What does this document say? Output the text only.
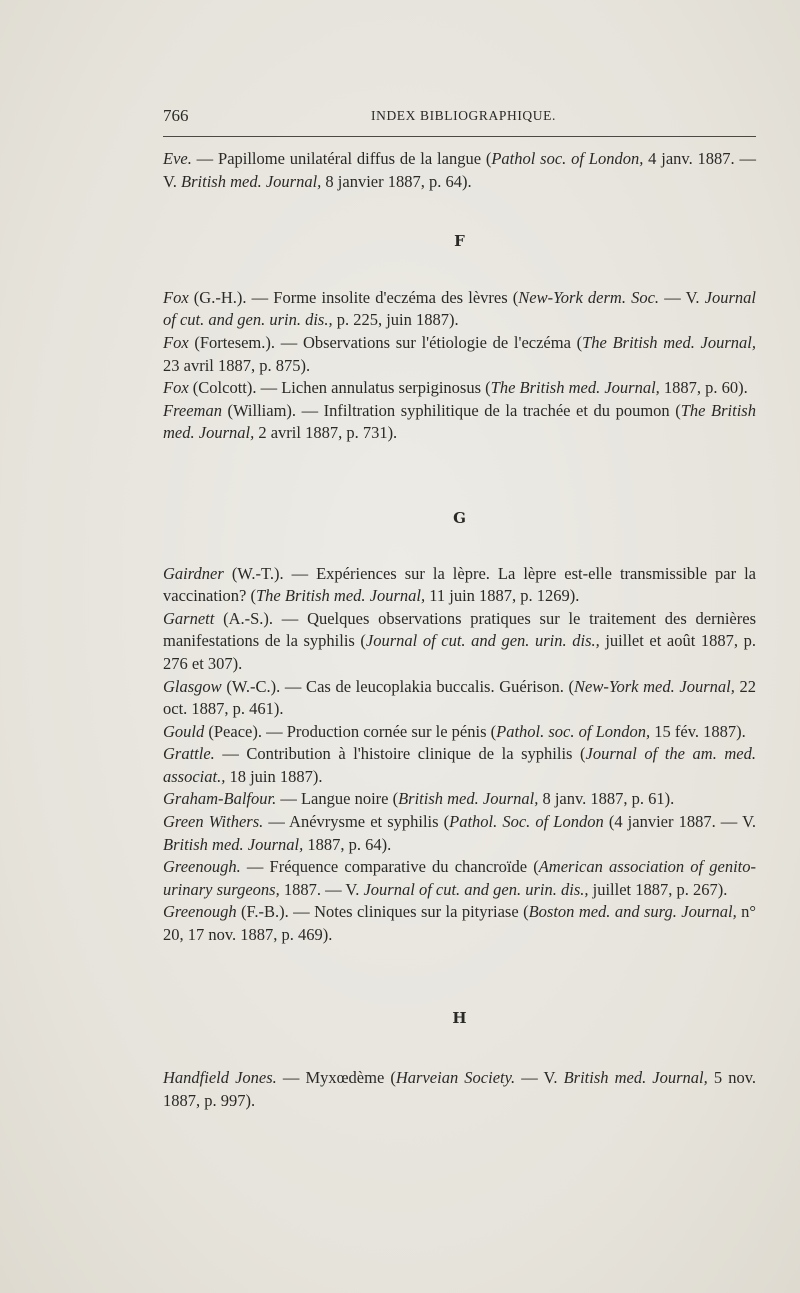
766	INDEX BIBLIOGRAPHIQUE.

Eve. — Papillome unilatéral diffus de la langue (Pathol soc. of London, 4 janv. 1887. — V. British med. Journal, 8 janvier 1887, p. 64).

F

Fox (G.-H.). — Forme insolite d'eczéma des lèvres (New-York derm. Soc. — V. Journal of cut. and gen. urin. dis., p. 225, juin 1887).

Fox (Fortesem.). — Observations sur l'étiologie de l'eczéma (The British med. Journal, 23 avril 1887, p. 875).

Fox (Colcott). — Lichen annulatus serpiginosus (The British med. Journal, 1887, p. 60).

Freeman (William). — Infiltration syphilitique de la trachée et du poumon (The British med. Journal, 2 avril 1887, p. 731).

G

Gairdner (W.-T.). — Expériences sur la lèpre. La lèpre est-elle transmissible par la vaccination? (The British med. Journal, 11 juin 1887, p. 1269).

Garnett (A.-S.). — Quelques observations pratiques sur le traitement des dernières manifestations de la syphilis (Journal of cut. and gen. urin. dis., juillet et août 1887, p. 276 et 307).

Glasgow (W.-C.). — Cas de leucoplakia buccalis. Guérison. (New-York med. Journal, 22 oct. 1887, p. 461).

Gould (Peace). — Production cornée sur le pénis (Pathol. soc. of London, 15 fév. 1887).

Grattle. — Contribution à l'histoire clinique de la syphilis (Journal of the am. med. associat., 18 juin 1887).

Graham-Balfour. — Langue noire (British med. Journal, 8 janv. 1887, p. 61).

Green Withers. — Anévrysme et syphilis (Pathol. Soc. of London (4 janvier 1887. — V. British med. Journal, 1887, p. 64).

Greenough. — Fréquence comparative du chancroïde (American association of genito-urinary surgeons, 1887. — V. Journal of cut. and gen. urin. dis., juillet 1887, p. 267).

Greenough (F.-B.). — Notes cliniques sur la pityriase (Boston med. and surg. Journal, n° 20, 17 nov. 1887, p. 469).

H

Handfield Jones. — Myxœdème (Harveian Society. — V. British med. Journal, 5 nov. 1887, p. 997).
